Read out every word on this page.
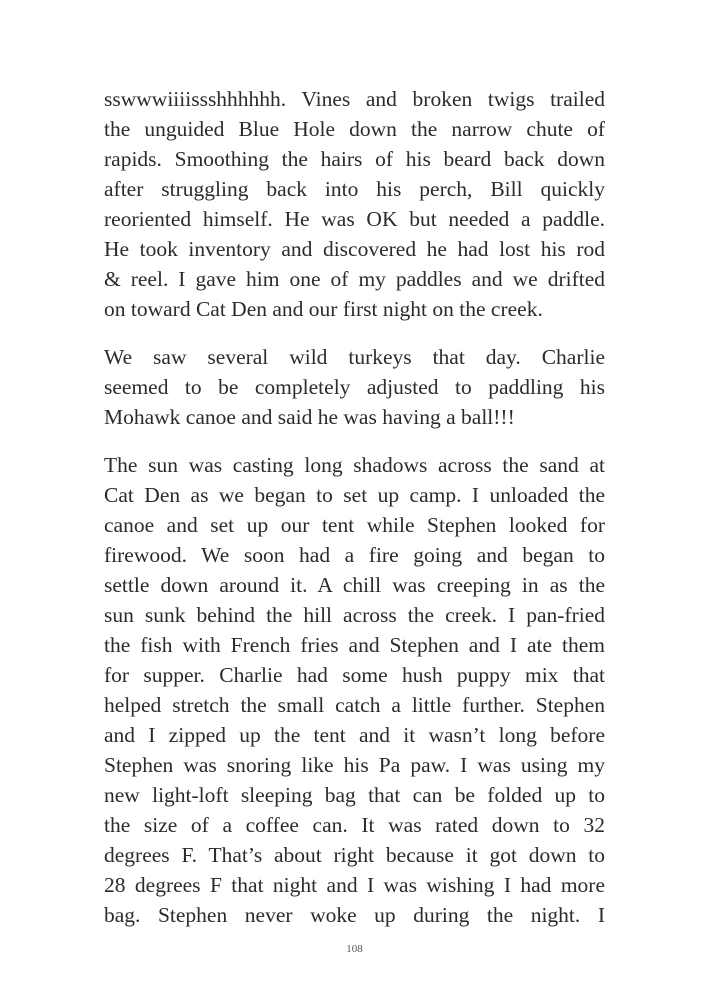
sswwwiiiissshhhhhh. Vines and broken twigs trailed
the unguided Blue Hole down the narrow chute of
rapids. Smoothing the hairs of his beard back down
after struggling back into his perch, Bill quickly
reoriented himself. He was OK but needed a paddle.
He took inventory and discovered he had lost his rod
& reel. I gave him one of my paddles and we drifted
on toward Cat Den and our first night on the creek.

We saw several wild turkeys that day. Charlie
seemed to be completely adjusted to paddling his
Mohawk canoe and said he was having a ball!!!

The sun was casting long shadows across the sand at
Cat Den as we began to set up camp. I unloaded the
canoe and set up our tent while Stephen looked for
firewood. We soon had a fire going and began to
settle down around it. A chill was creeping in as the
sun sunk behind the hill across the creek. I pan-fried
the fish with French fries and Stephen and I ate them
for supper. Charlie had some hush puppy mix that
helped stretch the small catch a little further. Stephen
and I zipped up the tent and it wasn’t long before
Stephen was snoring like his Pa paw. I was using my
new light-loft sleeping bag that can be folded up to
the size of a coffee can. It was rated down to 32
degrees F. That’s about right because it got down to
28 degrees F that night and I was wishing I had more
bag. Stephen never woke up during the night. I

108
